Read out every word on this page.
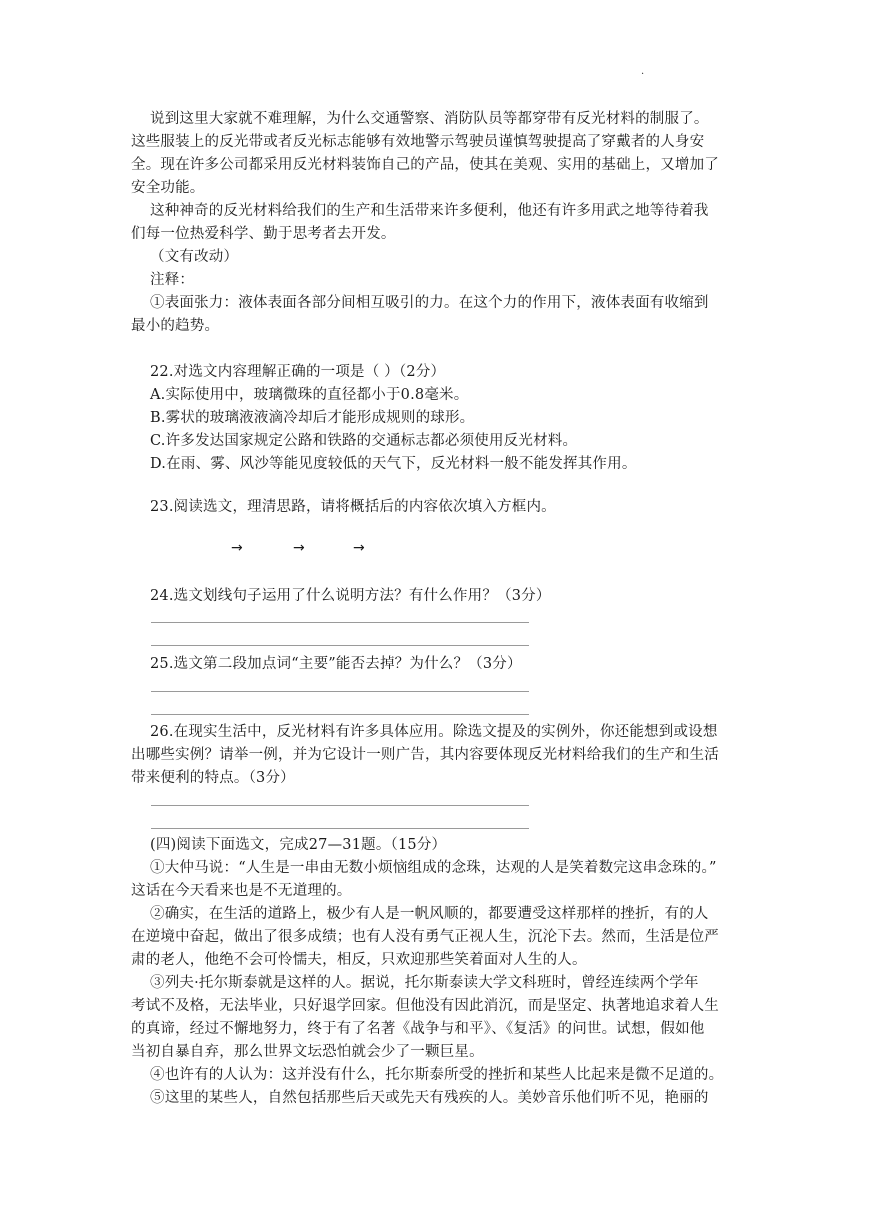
.
说到这里大家就不难理解，为什么交通警察、消防队员等都穿带有反光材料的制服了。
这些服装上的反光带或者反光标志能够有效地警示驾驶员谨慎驾驶提高了穿戴者的人身安
全。现在许多公司都采用反光材料装饰自己的产品，使其在美观、实用的基础上，又增加了
安全功能。
这种神奇的反光材料给我们的生产和生活带来许多便利，他还有许多用武之地等待着我
们每一位热爱科学、勤于思考者去开发。
（文有改动）
注释：
①表面张力：液体表面各部分间相互吸引的力。在这个力的作用下，液体表面有收缩到
最小的趋势。
22.对选文内容理解正确的一项是（ ）（2分）
A.实际使用中，玻璃微珠的直径都小于0.8毫米。
B.雾状的玻璃液液滴冷却后才能形成规则的球形。
C.许多发达国家规定公路和铁路的交通标志都必须使用反光材料。
D.在雨、雾、风沙等能见度较低的天气下，反光材料一般不能发挥其作用。
23.阅读选文，理清思路，请将概括后的内容依次填入方框内。
→	→	→
24.选文划线句子运用了什么说明方法？有什么作用？（3分）
25.选文第二段加点词“主要”能否去掉？为什么？（3分）
26.在现实生活中，反光材料有许多具体应用。除选文提及的实例外，你还能想到或设想
出哪些实例？请举一例，并为它设计一则广告，其内容要体现反光材料给我们的生产和生活
带来便利的特点。（3分）
(四)阅读下面选文，完成27—31题。（15分）
①大仲马说：“人生是一串由无数小烦恼组成的念珠，达观的人是笑着数完这串念珠的。”
这话在今天看来也是不无道理的。
②确实，在生活的道路上，极少有人是一帆风顺的，都要遭受这样那样的挫折，有的人
在逆境中奋起，做出了很多成绩；也有人没有勇气正视人生，沉沦下去。然而，生活是位严
肃的老人，他绝不会可怜懦夫，相反，只欢迎那些笑着面对人生的人。
③列夫·托尔斯泰就是这样的人。据说，托尔斯泰读大学文科班时，曾经连续两个学年
考试不及格，无法毕业，只好退学回家。但他没有因此消沉，而是坚定、执著地追求着人生
的真谛，经过不懈地努力，终于有了名著《战争与和平》、《复活》的问世。试想，假如他
当初自暴自弃，那么世界文坛恐怕就会少了一颗巨星。
④也许有的人认为：这并没有什么，托尔斯泰所受的挫折和某些人比起来是微不足道的。
⑤这里的某些人，自然包括那些后天或先天有残疾的人。美妙音乐他们听不见，艳丽的
